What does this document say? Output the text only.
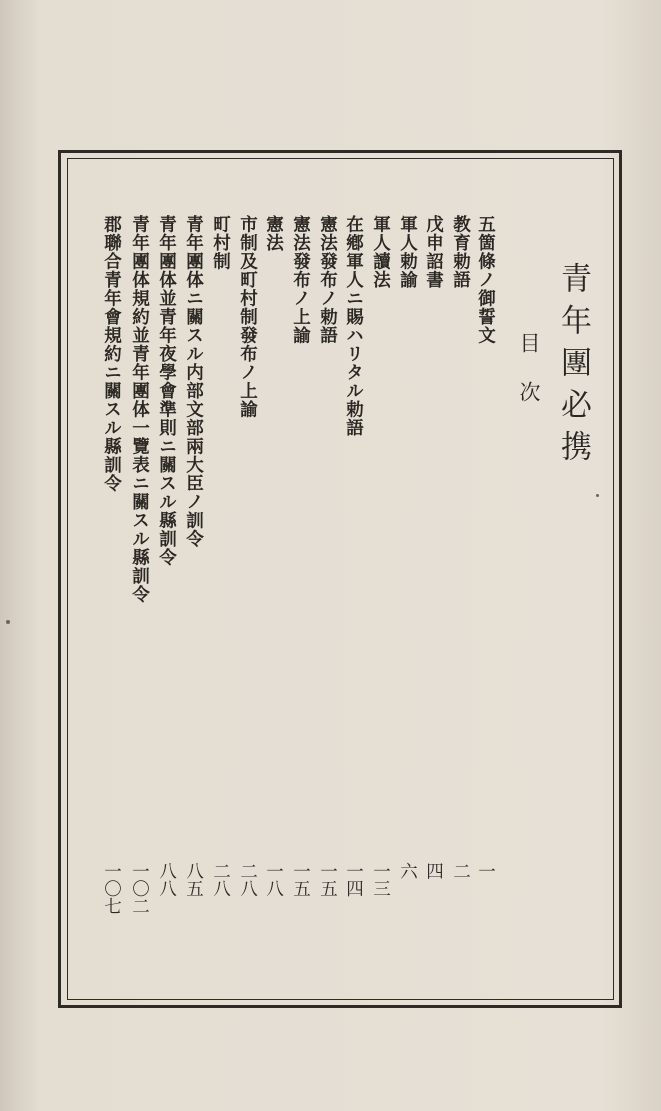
青年團必携
目次
五箇條ノ御誓文
教育勅語
戊申詔書
軍人勅諭
軍人讀法
在鄕軍人ニ賜ハリタル勅語
憲法發布ノ勅語
憲法發布ノ上諭
憲法
市制及町村制發布ノ上諭
町村制
青年團体ニ關スル内部文部兩大臣ノ訓令
青年團体並青年夜學會準則ニ關スル縣訓令
青年團体規約並青年團体一覽表ニ關スル縣訓令
郡聯合青年會規約ニ關スル縣訓令
一
二
四
六
一三
一四
一五
一五
一八
二八
二八
八五
八八
一〇二
一〇七
